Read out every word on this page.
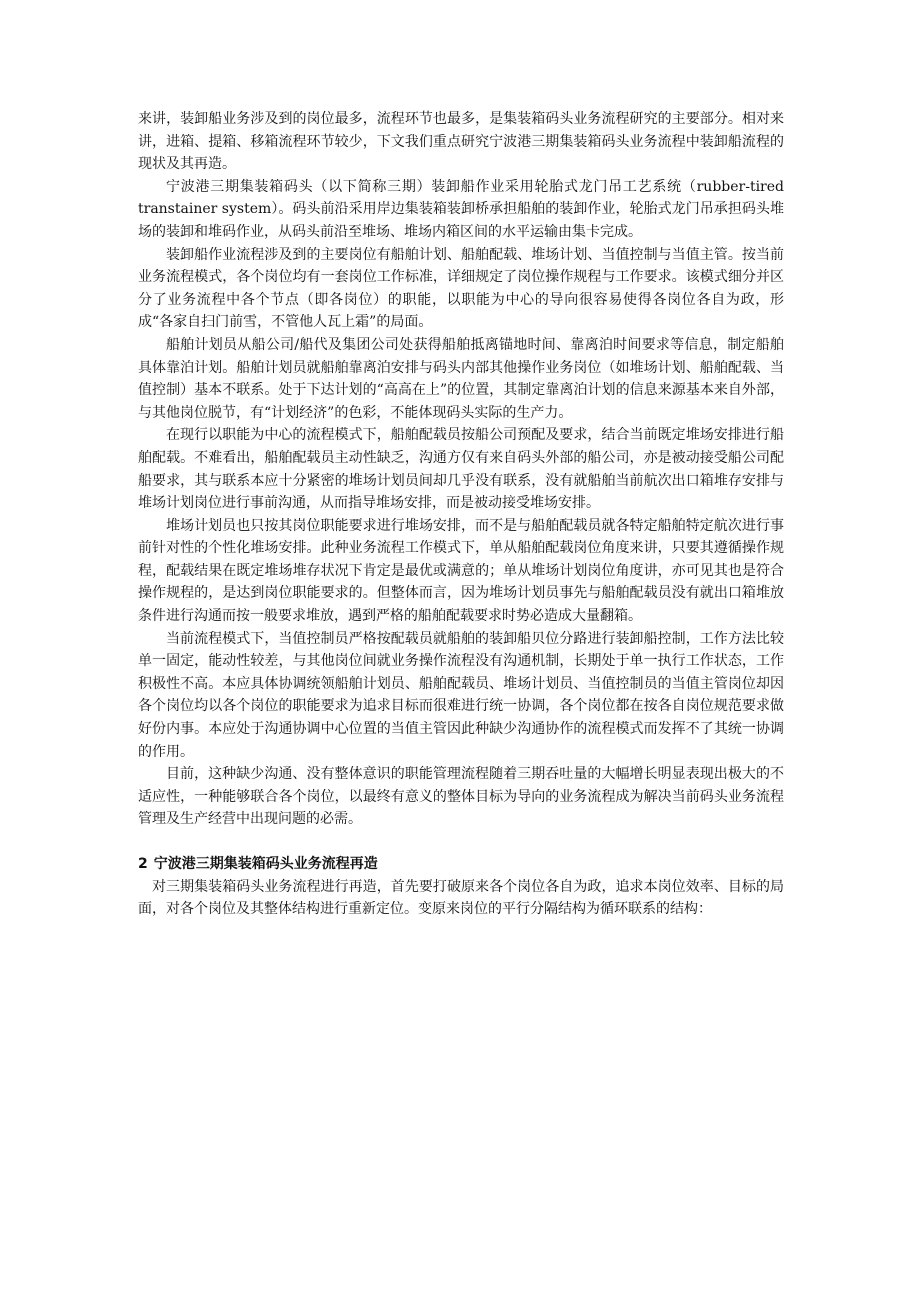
来讲，装卸船业务涉及到的岗位最多，流程环节也最多，是集装箱码头业务流程研究的主要部分。相对来讲，进箱、提箱、移箱流程环节较少，下文我们重点研究宁波港三期集装箱码头业务流程中装卸船流程的现状及其再造。

宁波港三期集装箱码头（以下简称三期）装卸船作业采用轮胎式龙门吊工艺系统（rubber-tired transtainer system）。码头前沿采用岸边集装箱装卸桥承担船舶的装卸作业，轮胎式龙门吊承担码头堆场的装卸和堆码作业，从码头前沿至堆场、堆场内箱区间的水平运输由集卡完成。

装卸船作业流程涉及到的主要岗位有船舶计划、船舶配载、堆场计划、当值控制与当值主管。按当前业务流程模式，各个岗位均有一套岗位工作标准，详细规定了岗位操作规程与工作要求。该模式细分并区分了业务流程中各个节点（即各岗位）的职能，以职能为中心的导向很容易使得各岗位各自为政，形成“各家自扫门前雪，不管他人瓦上霜”的局面。

船舶计划员从船公司/船代及集团公司处获得船舶抵离锚地时间、靠离泊时间要求等信息，制定船舶具体靠泊计划。船舶计划员就船舶靠离泊安排与码头内部其他操作业务岗位（如堆场计划、船舶配载、当值控制）基本不联系。处于下达计划的“高高在上”的位置，其制定靠离泊计划的信息来源基本来自外部，与其他岗位脱节，有“计划经济”的色彩，不能体现码头实际的生产力。

在现行以职能为中心的流程模式下，船舶配载员按船公司预配及要求，结合当前既定堆场安排进行船舶配载。不难看出，船舶配载员主动性缺乏，沟通方仅有来自码头外部的船公司，亦是被动接受船公司配船要求，其与联系本应十分紧密的堆场计划员间却几乎没有联系，没有就船舶当前航次出口箱堆存安排与堆场计划岗位进行事前沟通，从而指导堆场安排，而是被动接受堆场安排。

堆场计划员也只按其岗位职能要求进行堆场安排，而不是与船舶配载员就各特定船舶特定航次进行事前针对性的个性化堆场安排。此种业务流程工作模式下，单从船舶配载岗位角度来讲，只要其遵循操作规程，配载结果在既定堆场堆存状况下肯定是最优或满意的；单从堆场计划岗位角度讲，亦可见其也是符合操作规程的，是达到岗位职能要求的。但整体而言，因为堆场计划员事先与船舶配载员没有就出口箱堆放条件进行沟通而按一般要求堆放，遇到严格的船舶配载要求时势必造成大量翻箱。

当前流程模式下，当值控制员严格按配载员就船舶的装卸船贝位分路进行装卸船控制，工作方法比较单一固定，能动性较差，与其他岗位间就业务操作流程没有沟通机制，长期处于单一执行工作状态，工作积极性不高。本应具体协调统领船舶计划员、船舶配载员、堆场计划员、当值控制员的当值主管岗位却因各个岗位均以各个岗位的职能要求为追求目标而很难进行统一协调，各个岗位都在按各自岗位规范要求做好份内事。本应处于沟通协调中心位置的当值主管因此种缺少沟通协作的流程模式而发挥不了其统一协调的作用。

目前，这种缺少沟通、没有整体意识的职能管理流程随着三期吞吐量的大幅增长明显表现出极大的不适应性，一种能够联合各个岗位，以最终有意义的整体目标为导向的业务流程成为解决当前码头业务流程管理及生产经营中出现问题的必需。

2 宁波港三期集装箱码头业务流程再造

对三期集装箱码头业务流程进行再造，首先要打破原来各个岗位各自为政，追求本岗位效率、目标的局面，对各个岗位及其整体结构进行重新定位。变原来岗位的平行分隔结构为循环联系的结构：
